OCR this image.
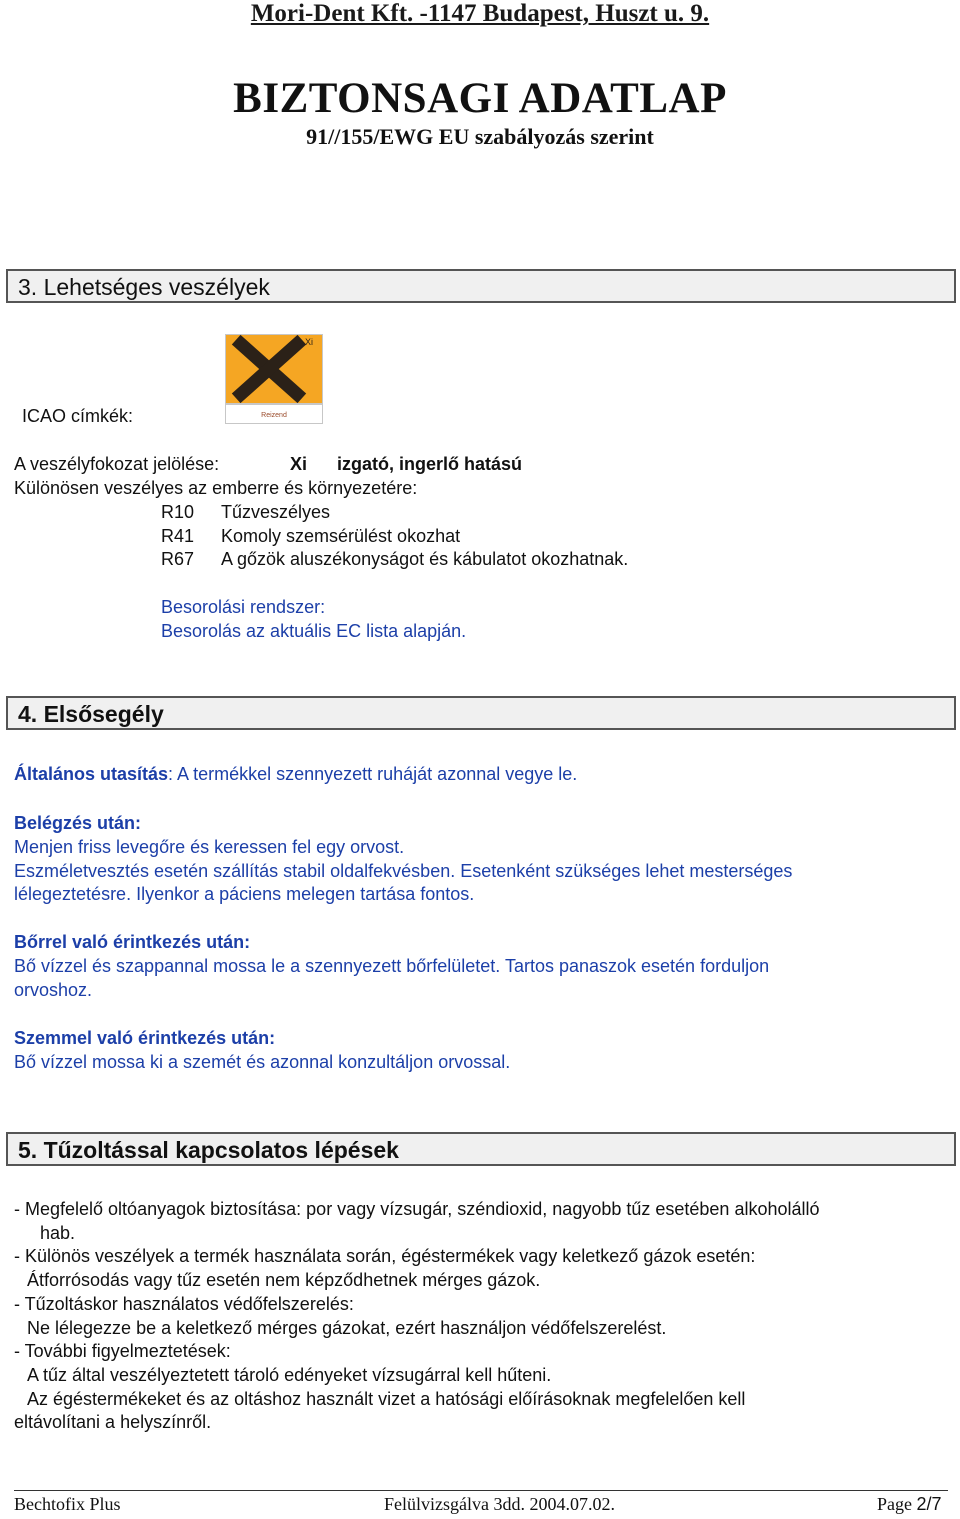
Mori-Dent Kft. -1147 Budapest, Huszt u. 9.
BIZTONSAGI ADATLAP
91//155/EWG EU szabályozás szerint
3. Lehetséges veszélyek
ICAO címkék:
Xi
Reizend
A veszélyfokozat jelölése:	Xi izgató, ingerlő hatású
Különösen veszélyes az emberre és környezetére:
R10 Tűzveszélyes
R41 Komoly szemsérülést okozhat
R67 A gőzök aluszékonyságot és kábulatot okozhatnak.
Besorolási rendszer:
Besorolás az aktuális EC lista alapján.
4. Elsősegély
Általános utasítás: A termékkel szennyezett ruháját azonnal vegye le.
Belégzés után:
Menjen friss levegőre és keressen fel egy orvost.
Eszméletvesztés esetén szállítás stabil oldalfekvésben. Esetenként szükséges lehet mesterséges
lélegeztetésre. Ilyenkor a páciens melegen tartása fontos.
Bőrrel való érintkezés után:
Bő vízzel és szappannal mossa le a szennyezett bőrfelületet. Tartos panaszok esetén forduljon
orvoshoz.
Szemmel való érintkezés után:
Bő vízzel mossa ki a szemét és azonnal konzultáljon orvossal.
5. Tűzoltással kapcsolatos lépések
- Megfelelő oltóanyagok biztosítása: por vagy vízsugár, széndioxid, nagyobb tűz esetében alkoholálló
hab.
- Különös veszélyek a termék használata során, égéstermékek vagy keletkező gázok esetén:
Átforrósodás vagy tűz esetén nem képződhetnek mérges gázok.
- Tűzoltáskor használatos védőfelszerelés:
Ne lélegezze be a keletkező mérges gázokat, ezért használjon védőfelszerelést.
- További figyelmeztetések:
A tűz által veszélyeztetett tároló edényeket vízsugárral kell hűteni.
Az égéstermékeket és az oltáshoz használt vizet a hatósági előírásoknak megfelelően kell
eltávolítani a helyszínről.
Bechtofix Plus	Felülvizsgálva 3dd. 2004.07.02.	Page 2/7
